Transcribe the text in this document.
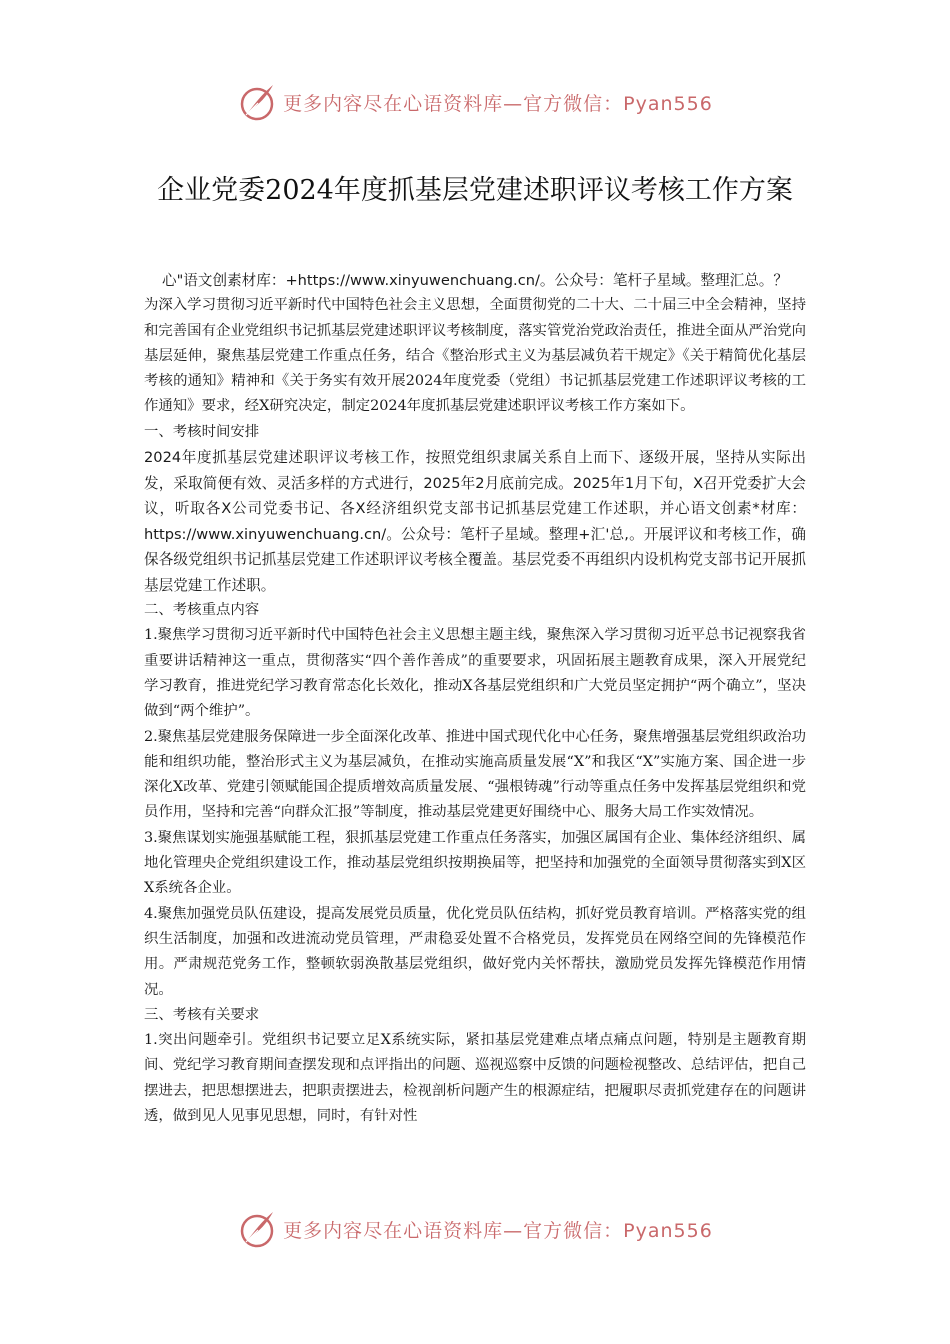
更多内容尽在心语资料库—官方微信：Pyan556
企业党委2024年度抓基层党建述职评议考核工作方案

心"语文创素材库：+https://www.xinyuwenchuang.cn/。公众号：笔杆子星域。整理汇总。？

为深入学习贯彻习近平新时代中国特色社会主义思想，全面贯彻党的二十大、二十届三中全会精神，坚持和完善国有企业党组织书记抓基层党建述职评议考核制度，落实管党治党政治责任，推进全面从严治党向基层延伸，聚焦基层党建工作重点任务，结合《整治形式主义为基层减负若干规定》《关于精简优化基层考核的通知》精神和《关于务实有效开展2024年度党委（党组）书记抓基层党建工作述职评议考核的工作通知》要求，经X研究决定，制定2024年度抓基层党建述职评议考核工作方案如下。

一、考核时间安排

2024年度抓基层党建述职评议考核工作，按照党组织隶属关系自上而下、逐级开展，坚持从实际出发，采取简便有效、灵活多样的方式进行，2025年2月底前完成。2025年1月下旬，X召开党委扩大会议，听取各X公司党委书记、各X经济组织党支部书记抓基层党建工作述职，并心语文创素*材库：https://www.xinyuwenchuang.cn/。公众号：笔杆子星域。整理+汇'总,。开展评议和考核工作，确保各级党组织书记抓基层党建工作述职评议考核全覆盖。基层党委不再组织内设机构党支部书记开展抓基层党建工作述职。

二、考核重点内容

1.聚焦学习贯彻习近平新时代中国特色社会主义思想主题主线，聚焦深入学习贯彻习近平总书记视察我省重要讲话精神这一重点，贯彻落实“四个善作善成”的重要要求，巩固拓展主题教育成果，深入开展党纪学习教育，推进党纪学习教育常态化长效化，推动X各基层党组织和广大党员坚定拥护“两个确立”，坚决做到“两个维护”。

2.聚焦基层党建服务保障进一步全面深化改革、推进中国式现代化中心任务，聚焦增强基层党组织政治功能和组织功能，整治形式主义为基层减负，在推动实施高质量发展“X”和我区“X”实施方案、国企进一步深化X改革、党建引领赋能国企提质增效高质量发展、“强根铸魂”行动等重点任务中发挥基层党组织和党员作用，坚持和完善“向群众汇报”等制度，推动基层党建更好围绕中心、服务大局工作实效情况。

3.聚焦谋划实施强基赋能工程，狠抓基层党建工作重点任务落实，加强区属国有企业、集体经济组织、属地化管理央企党组织建设工作，推动基层党组织按期换届等，把坚持和加强党的全面领导贯彻落实到X区X系统各企业。

4.聚焦加强党员队伍建设，提高发展党员质量，优化党员队伍结构，抓好党员教育培训。严格落实党的组织生活制度，加强和改进流动党员管理，严肃稳妥处置不合格党员，发挥党员在网络空间的先锋模范作用。严肃规范党务工作，整顿软弱涣散基层党组织，做好党内关怀帮扶，激励党员发挥先锋模范作用情况。

三、考核有关要求

1.突出问题牵引。党组织书记要立足X系统实际，紧扣基层党建难点堵点痛点问题，特别是主题教育期间、党纪学习教育期间查摆发现和点评指出的问题、巡视巡察中反馈的问题检视整改、总结评估，把自己摆进去，把思想摆进去，把职责摆进去，检视剖析问题产生的根源症结，把履职尽责抓党建存在的问题讲透，做到见人见事见思想，同时，有针对性

更多内容尽在心语资料库—官方微信：Pyan556
